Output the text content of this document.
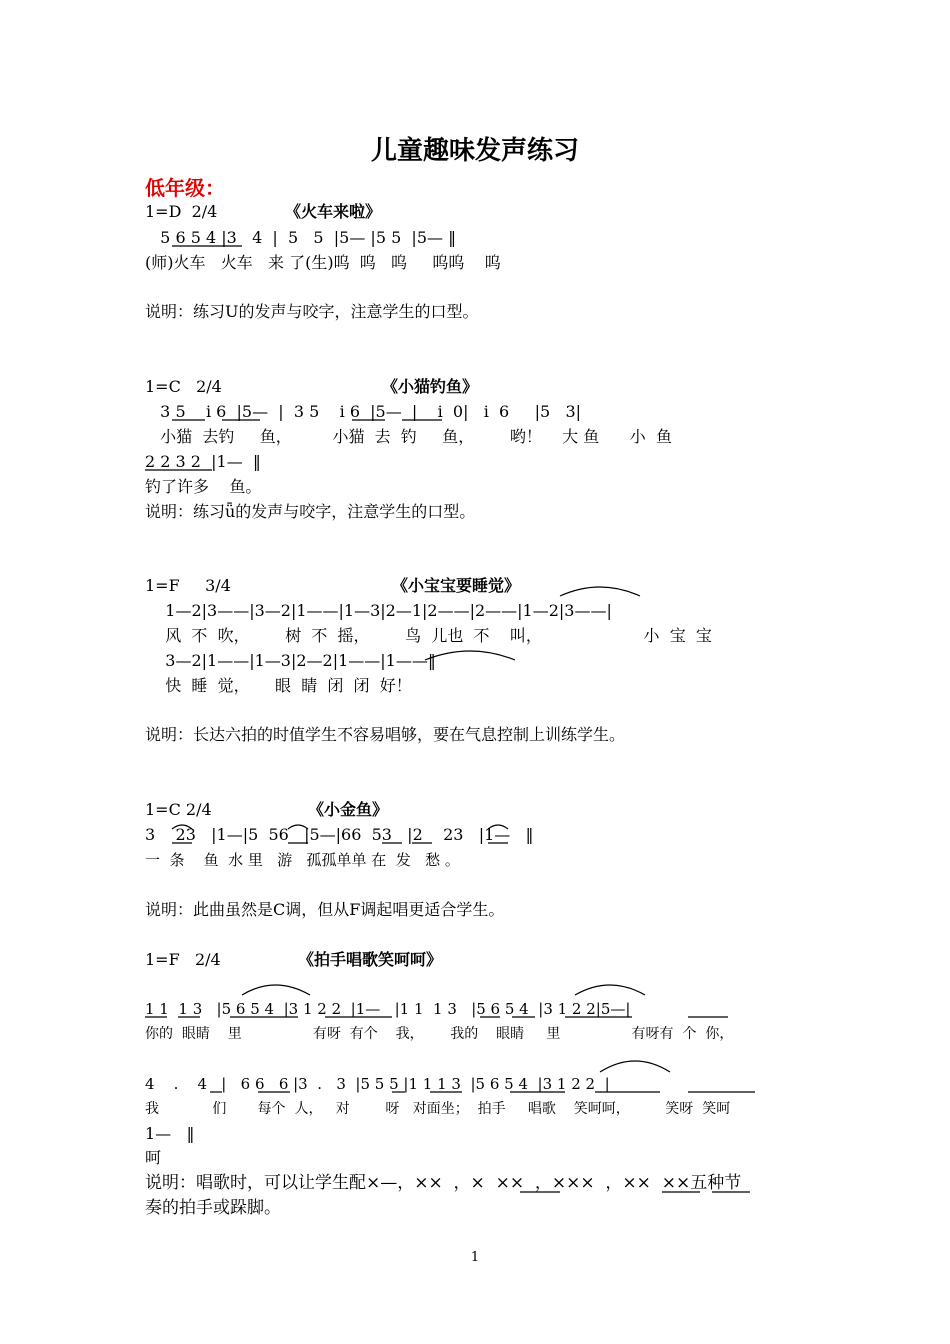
儿童趣味发声练习
低年级：
1=D  2/4	《火车来啦》
5 6 5 4 |3   4  |  5   5  |5— |5 5  |5— ‖
(师)火车   火车   来 了(生)呜  呜   呜     呜呜    呜
说明：练习U的发声与咬字，注意学生的口型。
1=C   2/4	《小猫钓鱼》
3 5    i 6  |5—  |  3 5    i 6  |5—  |    i  0|   i  6     |5   3|
小猫  去钓     鱼，        小猫  去  钓     鱼，       哟！    大 鱼      小  鱼
2 2 3 2  |1—  ‖
钓了许多    鱼。
说明：练习ǖ的发声与咬字，注意学生的口型。
1=F     3/4	《小宝宝要睡觉》
1—2|3——|3—2|1——|1—3|2—1|2——|2——|1—2|3——|
风  不  吹，       树  不  摇，       鸟  儿也  不    叫，                    小  宝  宝
3—2|1——|1—3|2—2|1——|1——‖
快  睡  觉，     眼  睛  闭  闭  好！
说明：长达六拍的时值学生不容易唱够，要在气息控制上训练学生。
1=C 2/4	《小金鱼》
3    23   |1—|5  56   |5—|66  53   |2    23   |1—   ‖
一  条    鱼  水 里   游   孤孤单单 在  发   愁 。
说明：此曲虽然是C调，但从F调起唱更适合学生。
1=F   2/4	《拍手唱歌笑呵呵》
1 1  1 3   |5 6 5 4  |3 1 2 2  |1—   |1 1  1 3   |5 6 5 4  |3 1 2 2|5—|
你的  眼睛    里                有呀  有个    我，      我的    眼睛     里                有呀有  个  你，
4    .    4   |   6 6   6 |3  .   3  |5 5 5 |1 1 1 3  |5 6 5 4  |3 1 2 2  |
我            们       每个  人，   对        呀   对面坐；  拍手     唱歌    笑呵呵，        笑呀  笑呵
1—   ‖
呵
说明：唱歌时，可以让学生配×—，××  ，×  ××  ，×××  ，××  ××五种节
奏的拍手或跺脚。
1
